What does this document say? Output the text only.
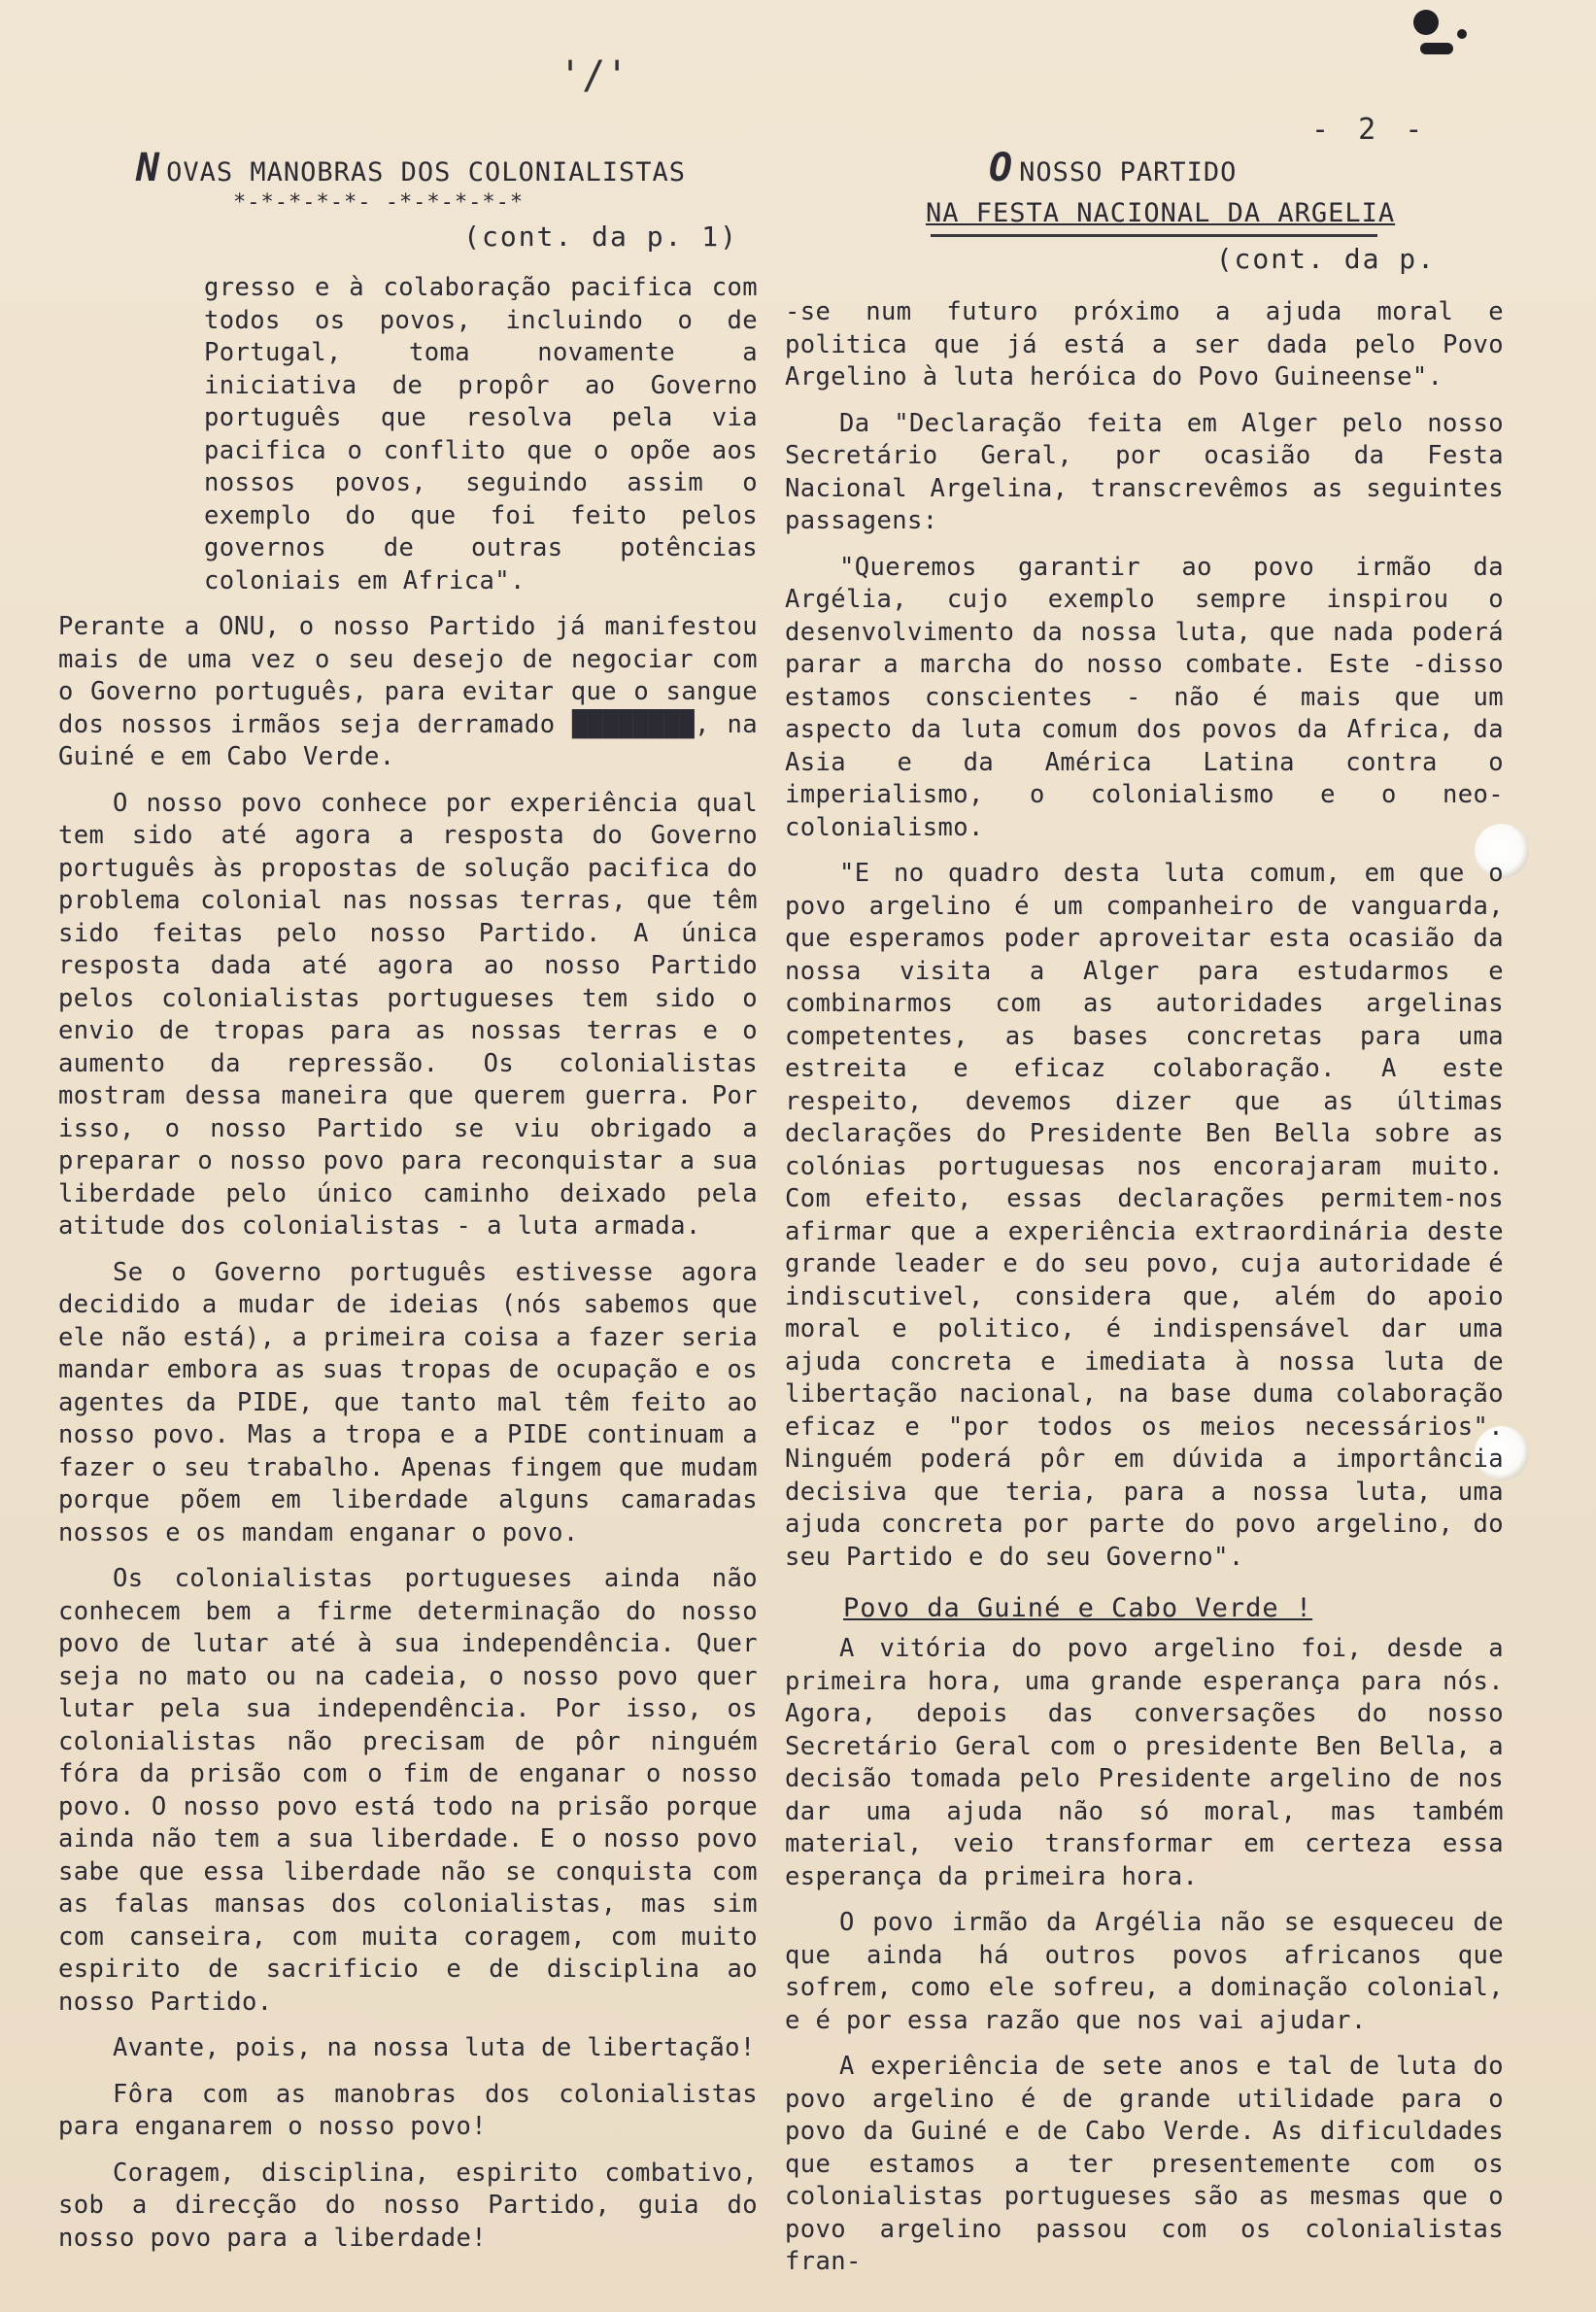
'/'
- 2 -
N OVAS MANOBRAS DOS COLONIALISTAS
*-*-*-*-*- -*-*-*-*-*
(cont. da p. 1)

gresso e à colaboração pacifica com todos os povos, incluindo o de Portugal, toma novamente a iniciativa de propôr ao Governo português que resolva pela via pacifica o conflito que o opõe aos nossos povos, seguindo assim o exemplo do que foi feito pelos governos de outras potências coloniais em Africa".

Perante a ONU, o nosso Partido já manifestou mais de uma vez o seu desejo de negociar com o Governo português, para evitar que o sangue dos nossos irmãos seja derramado ████████, na Guiné e em Cabo Verde.

O nosso povo conhece por experiência qual tem sido até agora a resposta do Governo português às propostas de solução pacifica do problema colonial nas nossas terras, que têm sido feitas pelo nosso Partido. A única resposta dada até agora ao nosso Partido pelos colonialistas portugueses tem sido o envio de tropas para as nossas terras e o aumento da repressão. Os colonialistas mostram dessa maneira que querem guerra. Por isso, o nosso Partido se viu obrigado a preparar o nosso povo para reconquistar a sua liberdade pelo único caminho deixado pela atitude dos colonialistas - a luta armada.

Se o Governo português estivesse agora decidido a mudar de ideias (nós sabemos que ele não está), a primeira coisa a fazer seria mandar embora as suas tropas de ocupação e os agentes da PIDE, que tanto mal têm feito ao nosso povo. Mas a tropa e a PIDE continuam a fazer o seu trabalho. Apenas fingem que mudam porque põem em liberdade alguns camaradas nossos e os mandam enganar o povo.

Os colonialistas portugueses ainda não conhecem bem a firme determinação do nosso povo de lutar até à sua independência. Quer seja no mato ou na cadeia, o nosso povo quer lutar pela sua independência. Por isso, os colonialistas não precisam de pôr ninguém fóra da prisão com o fim de enganar o nosso povo. O nosso povo está todo na prisão porque ainda não tem a sua liberdade. E o nosso povo sabe que essa liberdade não se conquista com as falas mansas dos colonialistas, mas sim com canseira, com muita coragem, com muito espirito de sacrificio e de disciplina ao nosso Partido.

Avante, pois, na nossa luta de libertação!

Fôra com as manobras dos colonialistas para enganarem o nosso povo!

Coragem, disciplina, espirito combativo, sob a direcção do nosso Partido, guia do nosso povo para a liberdade!

O NOSSO PARTIDO
NA FESTA NACIONAL DA ARGELIA
(cont. da p.

-se num futuro próximo a ajuda moral e politica que já está a ser dada pelo Povo Argelino à luta heróica do Povo Guineense".

Da "Declaração feita em Alger pelo nosso Secretário Geral, por ocasião da Festa Nacional Argelina, transcrevêmos as seguintes passagens:

"Queremos garantir ao povo irmão da Argélia, cujo exemplo sempre inspirou o desenvolvimento da nossa luta, que nada poderá parar a marcha do nosso combate. Este -disso estamos conscientes - não é mais que um aspecto da luta comum dos povos da Africa, da Asia e da América Latina contra o imperialismo, o colonialismo e o neo-colonialismo.

"E no quadro desta luta comum, em que o povo argelino é um companheiro de vanguarda, que esperamos poder aproveitar esta ocasião da nossa visita a Alger para estudarmos e combinarmos com as autoridades argelinas competentes, as bases concretas para uma estreita e eficaz colaboração. A este respeito, devemos dizer que as últimas declarações do Presidente Ben Bella sobre as colónias portuguesas nos encorajaram muito. Com efeito, essas declarações permitem-nos afirmar que a experiência extraordinária deste grande leader e do seu povo, cuja autoridade é indiscutivel, considera que, além do apoio moral e politico, é indispensável dar uma ajuda concreta e imediata à nossa luta de libertação nacional, na base duma colaboração eficaz e "por todos os meios necessários". Ninguém poderá pôr em dúvida a importância decisiva que teria, para a nossa luta, uma ajuda concreta por parte do povo argelino, do seu Partido e do seu Governo".

Povo da Guiné e Cabo Verde !

A vitória do povo argelino foi, desde a primeira hora, uma grande esperança para nós. Agora, depois das conversações do nosso Secretário Geral com o presidente Ben Bella, a decisão tomada pelo Presidente argelino de nos dar uma ajuda não só moral, mas também material, veio transformar em certeza essa esperança da primeira hora.

O povo irmão da Argélia não se esqueceu de que ainda há outros povos africanos que sofrem, como ele sofreu, a dominação colonial, e é por essa razão que nos vai ajudar.

A experiência de sete anos e tal de luta do povo argelino é de grande utilidade para o povo da Guiné e de Cabo Verde. As dificuldades que estamos a ter presentemente com os colonialistas portugueses são as mesmas que o povo argelino passou com os colonialistas fran-
